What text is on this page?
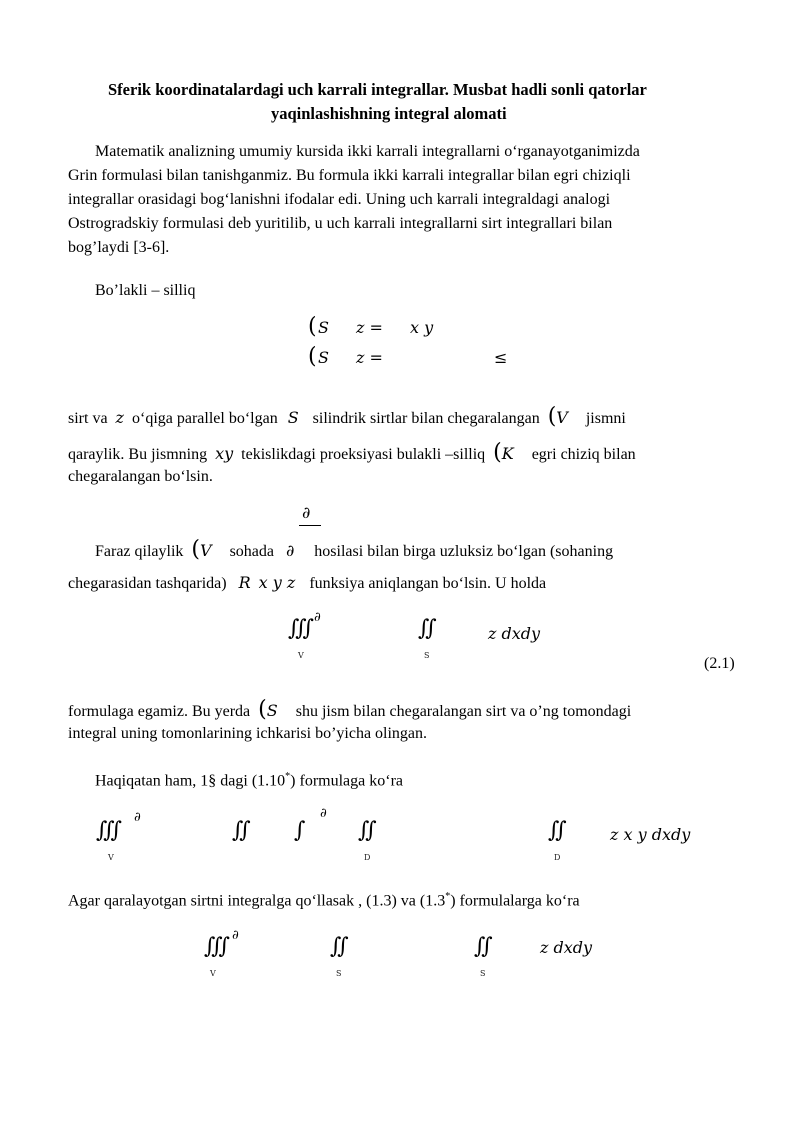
Sferik koordinatalardagi uch karrali integrallar. Musbat hadli sonli qatorlar
yaqinlashishning integral alomati
Matematik analizning umumiy kursida ikki karrali integrallarni o‘rganayotganimizda
Grin formulasi bilan tanishganmiz. Bu formula ikki karrali integrallar bilan egri chiziqli
integrallar orasidagi bog‘lanishni ifodalar edi. Uning uch karrali integraldagi analogi
Ostrogradskiy formulasi deb yuritilib, u uch karrali integrallarni sirt integrallari bilan
bog’laydi [3-6].
Bo’lakli – silliq
( S z = x y
( S z =	≤
sirt va z o‘qiga parallel bo‘lgan S silindrik sirtlar bilan chegaralangan (V jismni
qaraylik. Bu jismning xy tekislikdagi proeksiyasi bulakli –silliq (K egri chiziq bilan
chegaralangan bo‘lsin.
∂
Faraz qilaylik (V sohada ∂ hosilasi bilan birga uzluksiz bo‘lgan (sohaning
chegarasidan tashqarida) R x y z funksiya aniqlangan bo‘lsin. U holda
∭ ∂
V
∬
S
z dxdy
(2.1)
formulaga egamiz. Bu yerda (S shu jism bilan chegaralangan sirt va o’ng tomondagi
integral uning tomonlarining ichkarisi bo’yicha olingan.
Haqiqatan ham, 1§ dagi (1.10*) formulaga ko‘ra
∭
∂
V
∬ ∫
∂
∬
D
∬
D
z x y dxdy
Agar qaralayotgan sirtni integralga qo‘llasak , (1.3) va (1.3*) formulalarga ko‘ra
∭ ∂
V
∬
S
∬
S
z dxdy
